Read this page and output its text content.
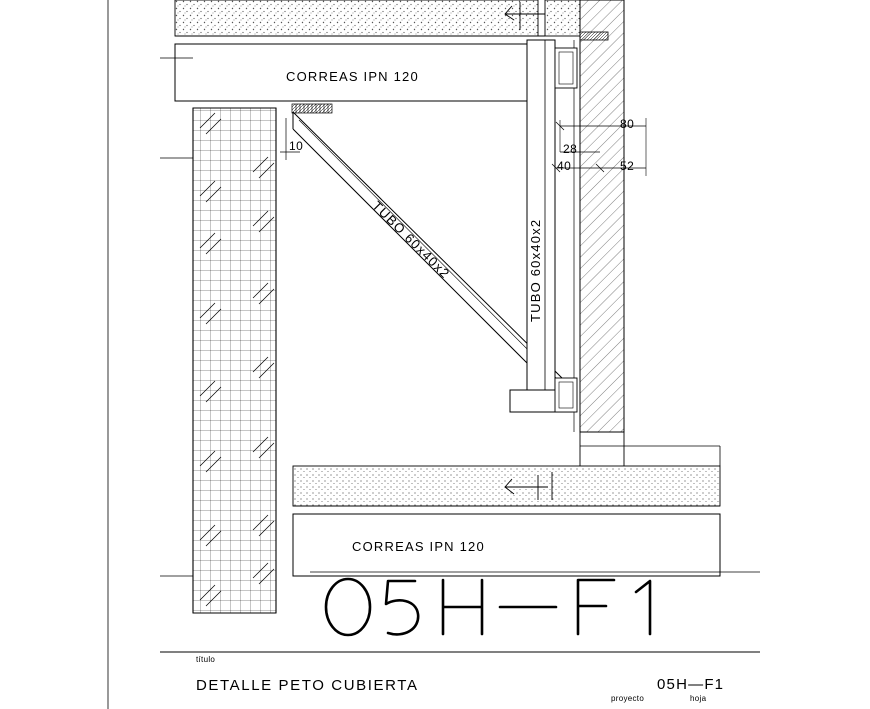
CORREAS IPN 120
CORREAS IPN 120
10
80
28
40	52
TUBO 60x40x2	TUBO 60x40x2
título
DETALLE PETO CUBIERTA
proyecto	hoja
05H—F1
